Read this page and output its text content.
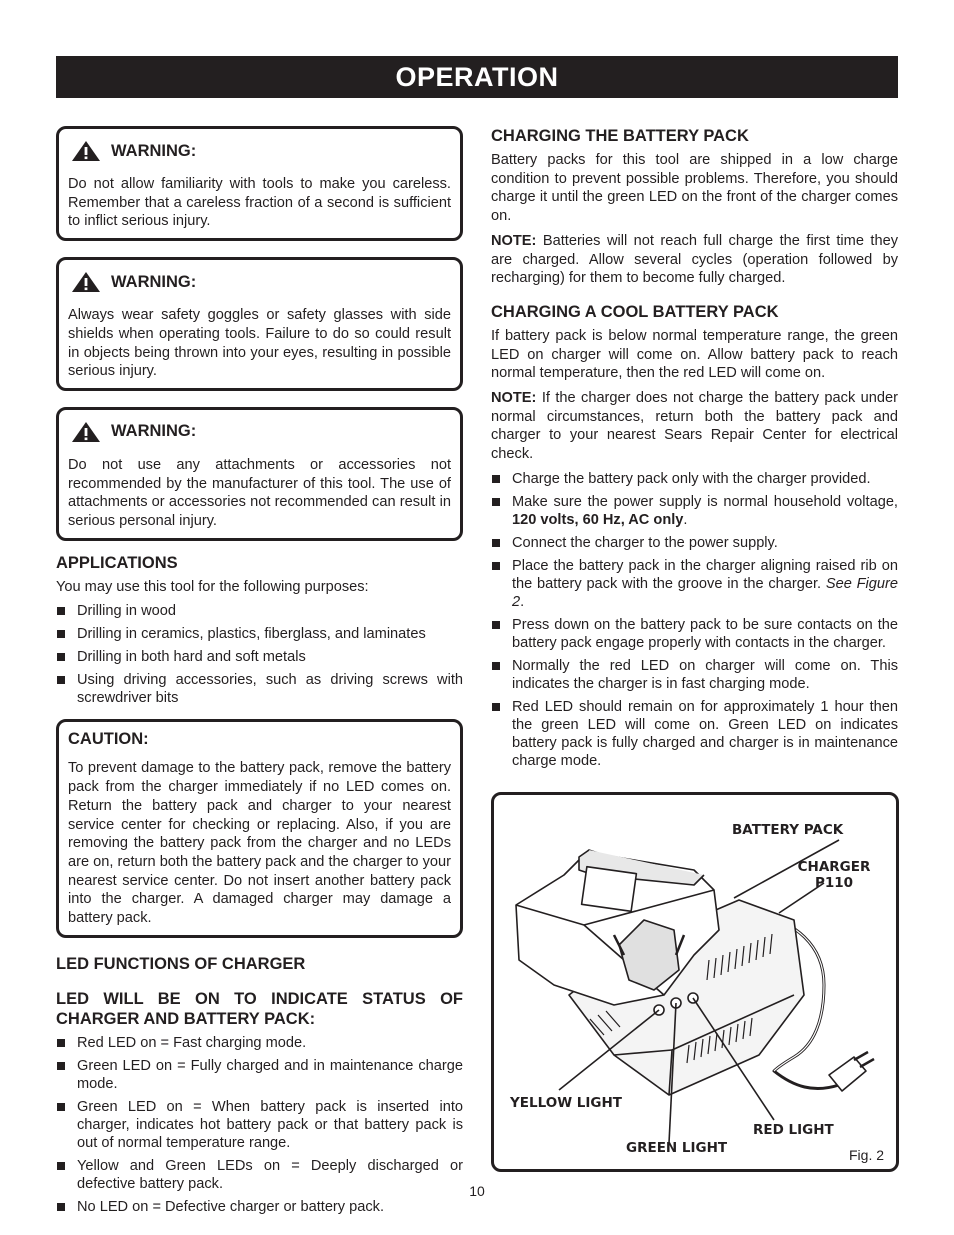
OPERATION
WARNING:

Do not allow familiarity with tools to make you careless. Remember that a careless fraction of a second is sufficient to inflict serious injury.

WARNING:

Always wear safety goggles or safety glasses with side shields when operating tools. Failure to do so could result in objects being thrown into your eyes, resulting in possible serious injury.

WARNING:

Do not use any attachments or accessories not recommended by the manufacturer of this tool. The use of attachments or accessories not recommended can result in serious personal injury.

APPLICATIONS
You may use this tool for the following purposes:
Drilling in wood
Drilling in ceramics, plastics, fiberglass, and laminates
Drilling in both hard and soft metals
Using driving accessories, such as driving screws with screwdriver bits
CAUTION:

To prevent damage to the battery pack, remove the battery pack from the charger immediately if no LED comes on. Return the battery pack and charger to your nearest service center for checking or replacing. Also, if you are removing the battery pack from the charger and no LEDs are on, return both the battery pack and the charger to your nearest service center. Do not insert another battery pack into the charger. A damaged charger may damage a battery pack.

LED FUNCTIONS OF CHARGER
LED WILL BE ON TO INDICATE STATUS OF CHARGER AND BATTERY PACK:
Red LED on = Fast charging mode.
Green LED on = Fully charged and in maintenance charge mode.
Green LED on = When battery pack is inserted into charger, indicates hot battery pack or that battery pack is out of normal temperature range.
Yellow and Green LEDs on = Deeply discharged or defective battery pack.
No LED on = Defective charger or battery pack.
CHARGING THE BATTERY PACK
Battery packs for this tool are shipped in a low charge condition to prevent possible problems. Therefore, you should charge it until the green LED on the front of the charger comes on.
NOTE: Batteries will not reach full charge the first time they are charged. Allow several cycles (operation followed by recharging) for them to become fully charged.
CHARGING A COOL BATTERY PACK
If battery pack is below normal temperature range, the green LED on charger will come on. Allow battery pack to reach normal temperature, then the red LED will come on.
NOTE: If the charger does not charge the battery pack under normal circumstances, return both the battery pack and charger to your nearest Sears Repair Center for electrical check.
Charge the battery pack only with the charger provided.
Make sure the power supply is normal household voltage, 120 volts, 60 Hz, AC only.
Connect the charger to the power supply.
Place the battery pack in the charger aligning raised rib on the battery pack with the groove in the charger. See Figure 2.
Press down on the battery pack to be sure contacts on the battery pack engage properly with contacts in the charger.
Normally the red LED on charger will come on. This indicates the charger is in fast charging mode.
Red LED should remain on for approximately 1 hour then the green LED will come on. Green LED on indicates battery pack is fully charged and charger is in maintenance charge mode.
BATTERY PACK
CHARGER
P110
YELLOW LIGHT
GREEN LIGHT
RED LIGHT
Fig. 2
10
